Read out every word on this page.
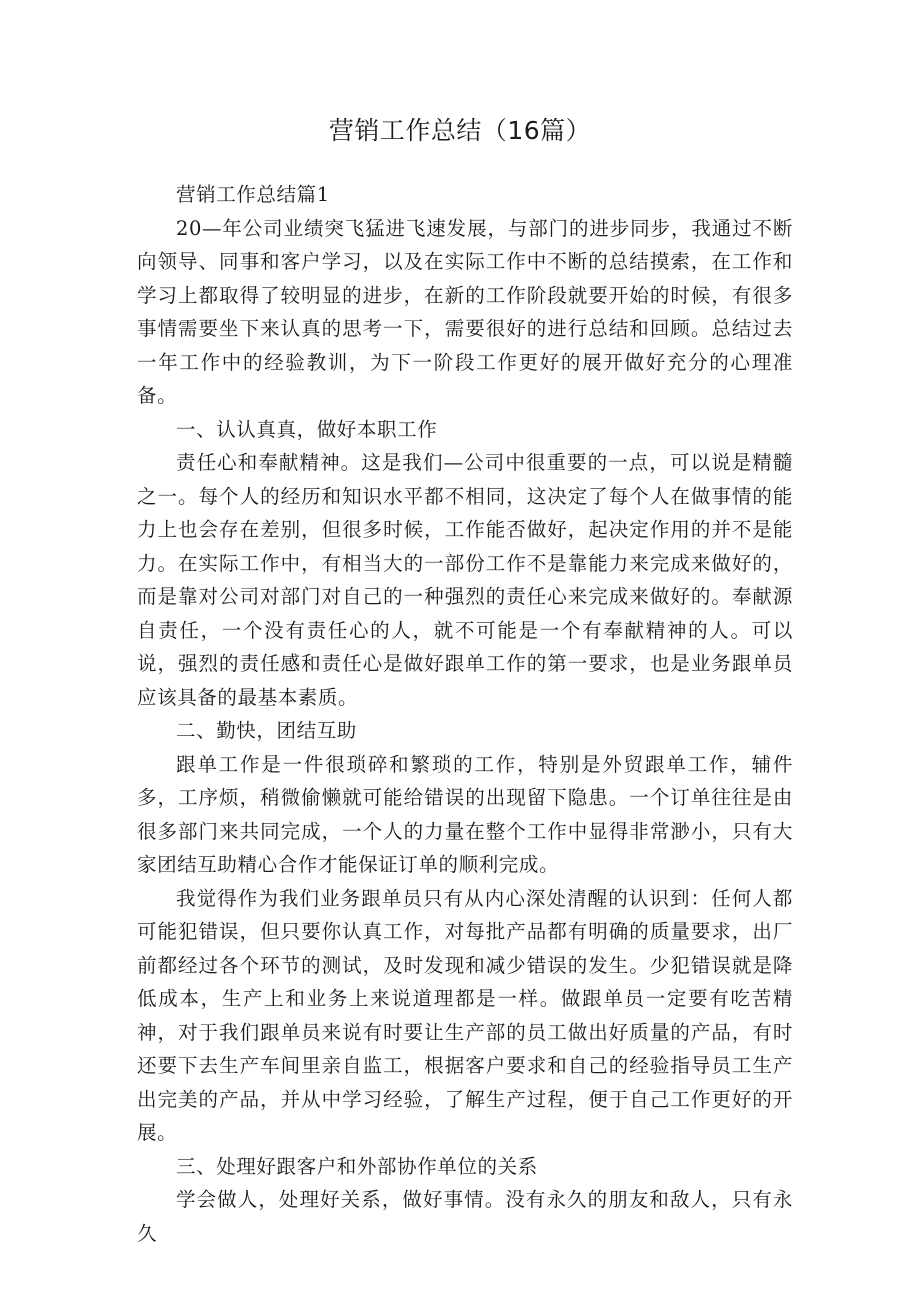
营销工作总结（16篇）

营销工作总结篇1

20—年公司业绩突飞猛进飞速发展，与部门的进步同步，我通过不断向领导、同事和客户学习，以及在实际工作中不断的总结摸索，在工作和学习上都取得了较明显的进步，在新的工作阶段就要开始的时候，有很多事情需要坐下来认真的思考一下，需要很好的进行总结和回顾。总结过去一年工作中的经验教训，为下一阶段工作更好的展开做好充分的心理准备。

一、认认真真，做好本职工作

责任心和奉献精神。这是我们—公司中很重要的一点，可以说是精髓之一。每个人的经历和知识水平都不相同，这决定了每个人在做事情的能力上也会存在差别，但很多时候，工作能否做好，起决定作用的并不是能力。在实际工作中，有相当大的一部份工作不是靠能力来完成来做好的，而是靠对公司对部门对自己的一种强烈的责任心来完成来做好的。奉献源自责任，一个没有责任心的人，就不可能是一个有奉献精神的人。可以说，强烈的责任感和责任心是做好跟单工作的第一要求，也是业务跟单员应该具备的最基本素质。

二、勤快，团结互助

跟单工作是一件很琐碎和繁琐的工作，特别是外贸跟单工作，辅件多，工序烦，稍微偷懒就可能给错误的出现留下隐患。一个订单往往是由很多部门来共同完成，一个人的力量在整个工作中显得非常渺小，只有大家团结互助精心合作才能保证订单的顺利完成。

我觉得作为我们业务跟单员只有从内心深处清醒的认识到：任何人都可能犯错误，但只要你认真工作，对每批产品都有明确的质量要求，出厂前都经过各个环节的测试，及时发现和减少错误的发生。少犯错误就是降低成本，生产上和业务上来说道理都是一样。做跟单员一定要有吃苦精神，对于我们跟单员来说有时要让生产部的员工做出好质量的产品，有时还要下去生产车间里亲自监工，根据客户要求和自己的经验指导员工生产出完美的产品，并从中学习经验，了解生产过程，便于自己工作更好的开展。

三、处理好跟客户和外部协作单位的关系

学会做人，处理好关系，做好事情。没有永久的朋友和敌人，只有永久
